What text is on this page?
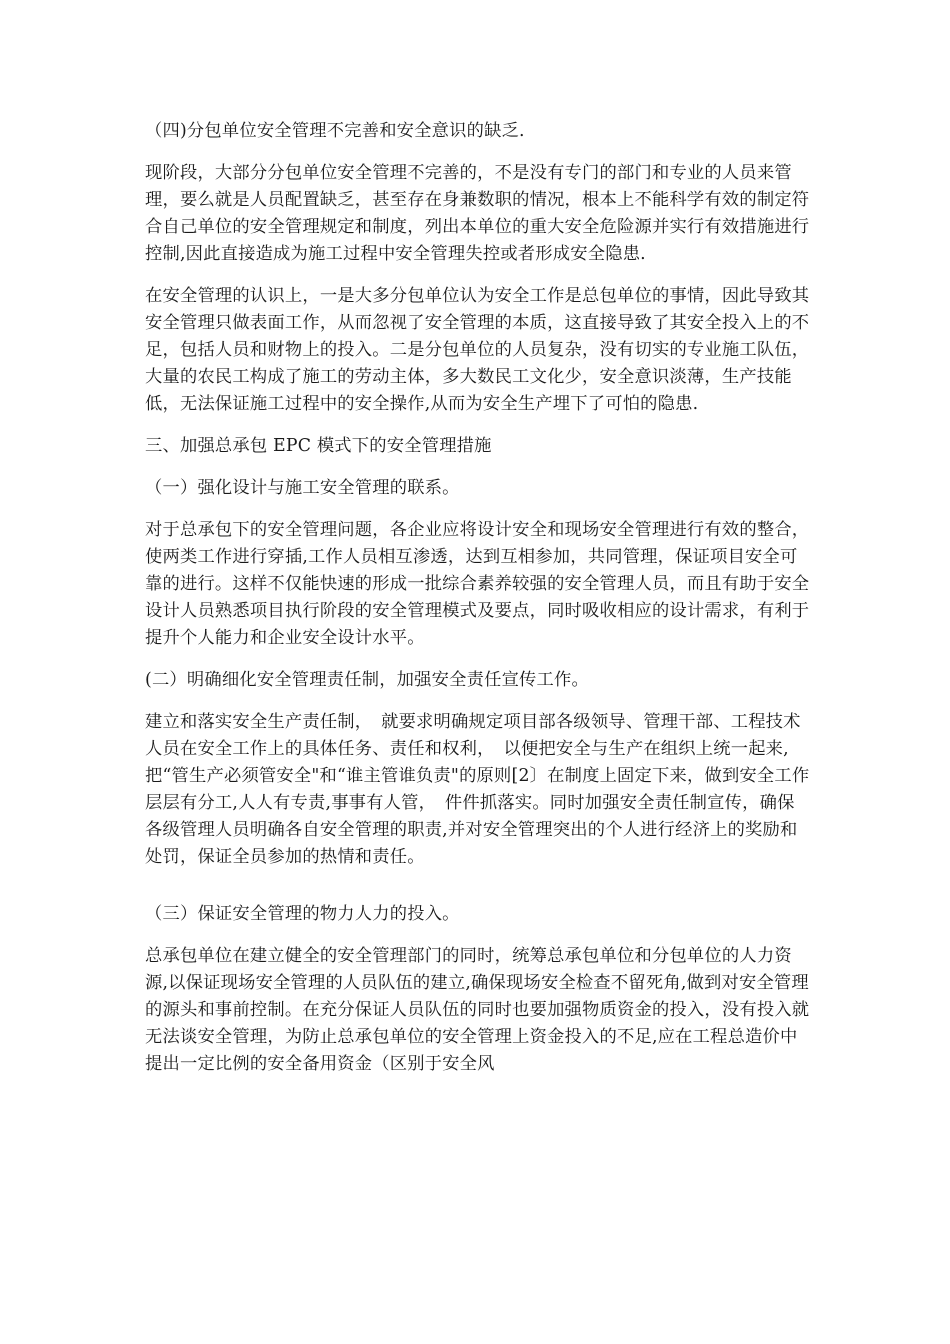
（四)分包单位安全管理不完善和安全意识的缺乏.

现阶段，大部分分包单位安全管理不完善的，不是没有专门的部门和专业的人员来管理，要么就是人员配置缺乏，甚至存在身兼数职的情况，根本上不能科学有效的制定符合自己单位的安全管理规定和制度，列出本单位的重大安全危险源并实行有效措施进行控制,因此直接造成为施工过程中安全管理失控或者形成安全隐患.

在安全管理的认识上，一是大多分包单位认为安全工作是总包单位的事情，因此导致其安全管理只做表面工作，从而忽视了安全管理的本质，这直接导致了其安全投入上的不足，包括人员和财物上的投入。二是分包单位的人员复杂，没有切实的专业施工队伍，大量的农民工构成了施工的劳动主体，多大数民工文化少，安全意识淡薄，生产技能低，无法保证施工过程中的安全操作,从而为安全生产埋下了可怕的隐患.

三、加强总承包 EPC 模式下的安全管理措施

（一）强化设计与施工安全管理的联系。

对于总承包下的安全管理问题，各企业应将设计安全和现场安全管理进行有效的整合，使两类工作进行穿插,工作人员相互渗透，达到互相参加，共同管理，保证项目安全可靠的进行。这样不仅能快速的形成一批综合素养较强的安全管理人员，而且有助于安全设计人员熟悉项目执行阶段的安全管理模式及要点，同时吸收相应的设计需求，有利于提升个人能力和企业安全设计水平。

(二）明确细化安全管理责任制，加强安全责任宣传工作。

建立和落实安全生产责任制，　就要求明确规定项目部各级领导、管理干部、工程技术人员在安全工作上的具体任务、责任和权利，　以便把安全与生产在组织上统一起来,把“管生产必须管安全"和“谁主管谁负责"的原则[2〕在制度上固定下来，做到安全工作层层有分工,人人有专责,事事有人管，　件件抓落实。同时加强安全责任制宣传，确保各级管理人员明确各自安全管理的职责,并对安全管理突出的个人进行经济上的奖励和处罚，保证全员参加的热情和责任。

（三）保证安全管理的物力人力的投入。

总承包单位在建立健全的安全管理部门的同时，统筹总承包单位和分包单位的人力资源,以保证现场安全管理的人员队伍的建立,确保现场安全检查不留死角,做到对安全管理的源头和事前控制。在充分保证人员队伍的同时也要加强物质资金的投入，没有投入就无法谈安全管理，为防止总承包单位的安全管理上资金投入的不足,应在工程总造价中提出一定比例的安全备用资金（区别于安全风
